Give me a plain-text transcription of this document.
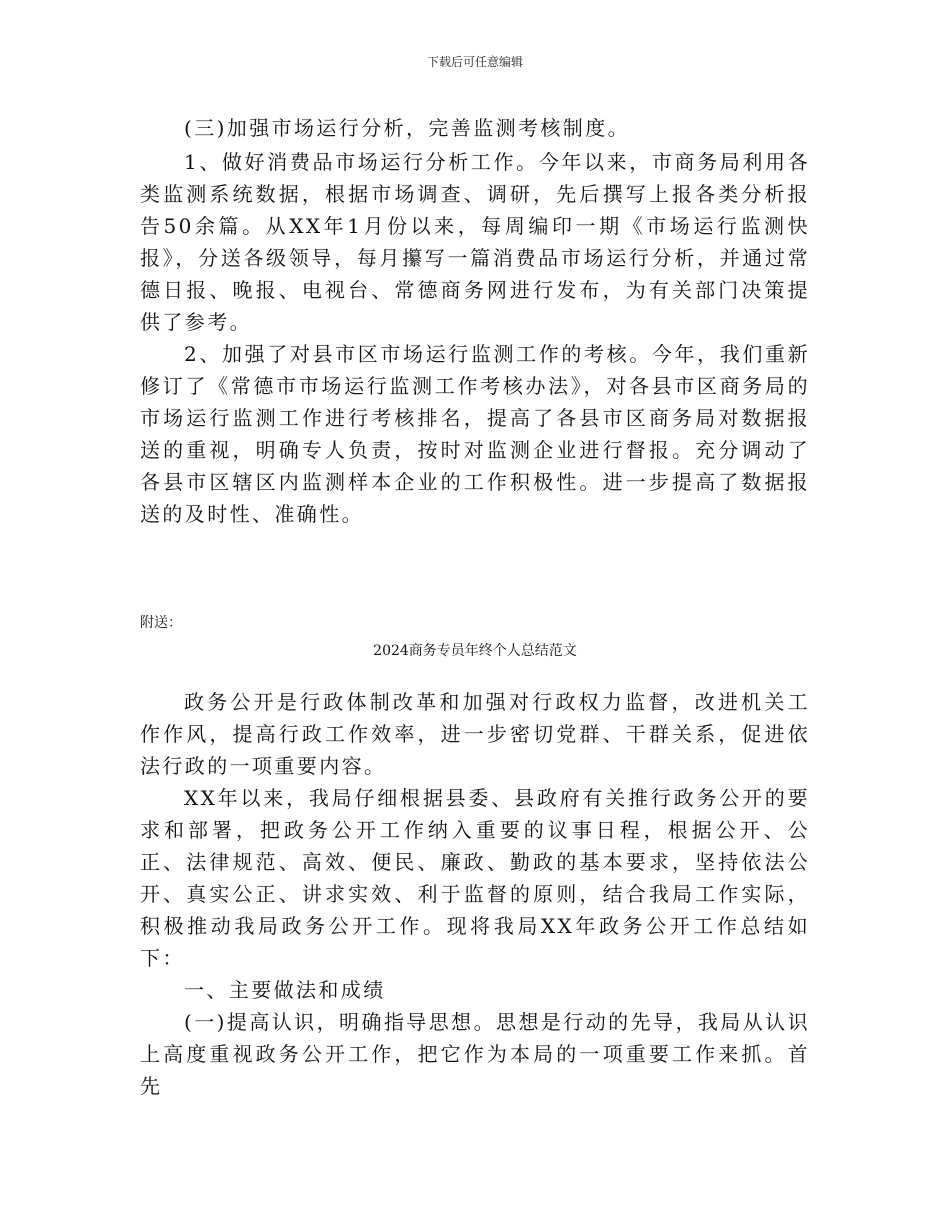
下载后可任意编辑
(三)加强市场运行分析，完善监测考核制度。

1、做好消费品市场运行分析工作。今年以来，市商务局利用各类监测系统数据，根据市场调查、调研，先后撰写上报各类分析报告50余篇。从XX年1月份以来，每周编印一期《市场运行监测快报》，分送各级领导，每月攥写一篇消费品市场运行分析，并通过常德日报、晚报、电视台、常德商务网进行发布，为有关部门决策提供了参考。

2、加强了对县市区市场运行监测工作的考核。今年，我们重新修订了《常德市市场运行监测工作考核办法》，对各县市区商务局的市场运行监测工作进行考核排名，提高了各县市区商务局对数据报送的重视，明确专人负责，按时对监测企业进行督报。充分调动了各县市区辖区内监测样本企业的工作积极性。进一步提高了数据报送的及时性、准确性。

附送：
2024商务专员年终个人总结范文

政务公开是行政体制改革和加强对行政权力监督，改进机关工作作风，提高行政工作效率，进一步密切党群、干群关系，促进依法行政的一项重要内容。

XX年以来，我局仔细根据县委、县政府有关推行政务公开的要求和部署，把政务公开工作纳入重要的议事日程，根据公开、公正、法律规范、高效、便民、廉政、勤政的基本要求，坚持依法公开、真实公正、讲求实效、利于监督的原则，结合我局工作实际，积极推动我局政务公开工作。现将我局XX年政务公开工作总结如下：

一、主要做法和成绩

(一)提高认识，明确指导思想。思想是行动的先导，我局从认识上高度重视政务公开工作，把它作为本局的一项重要工作来抓。首先
